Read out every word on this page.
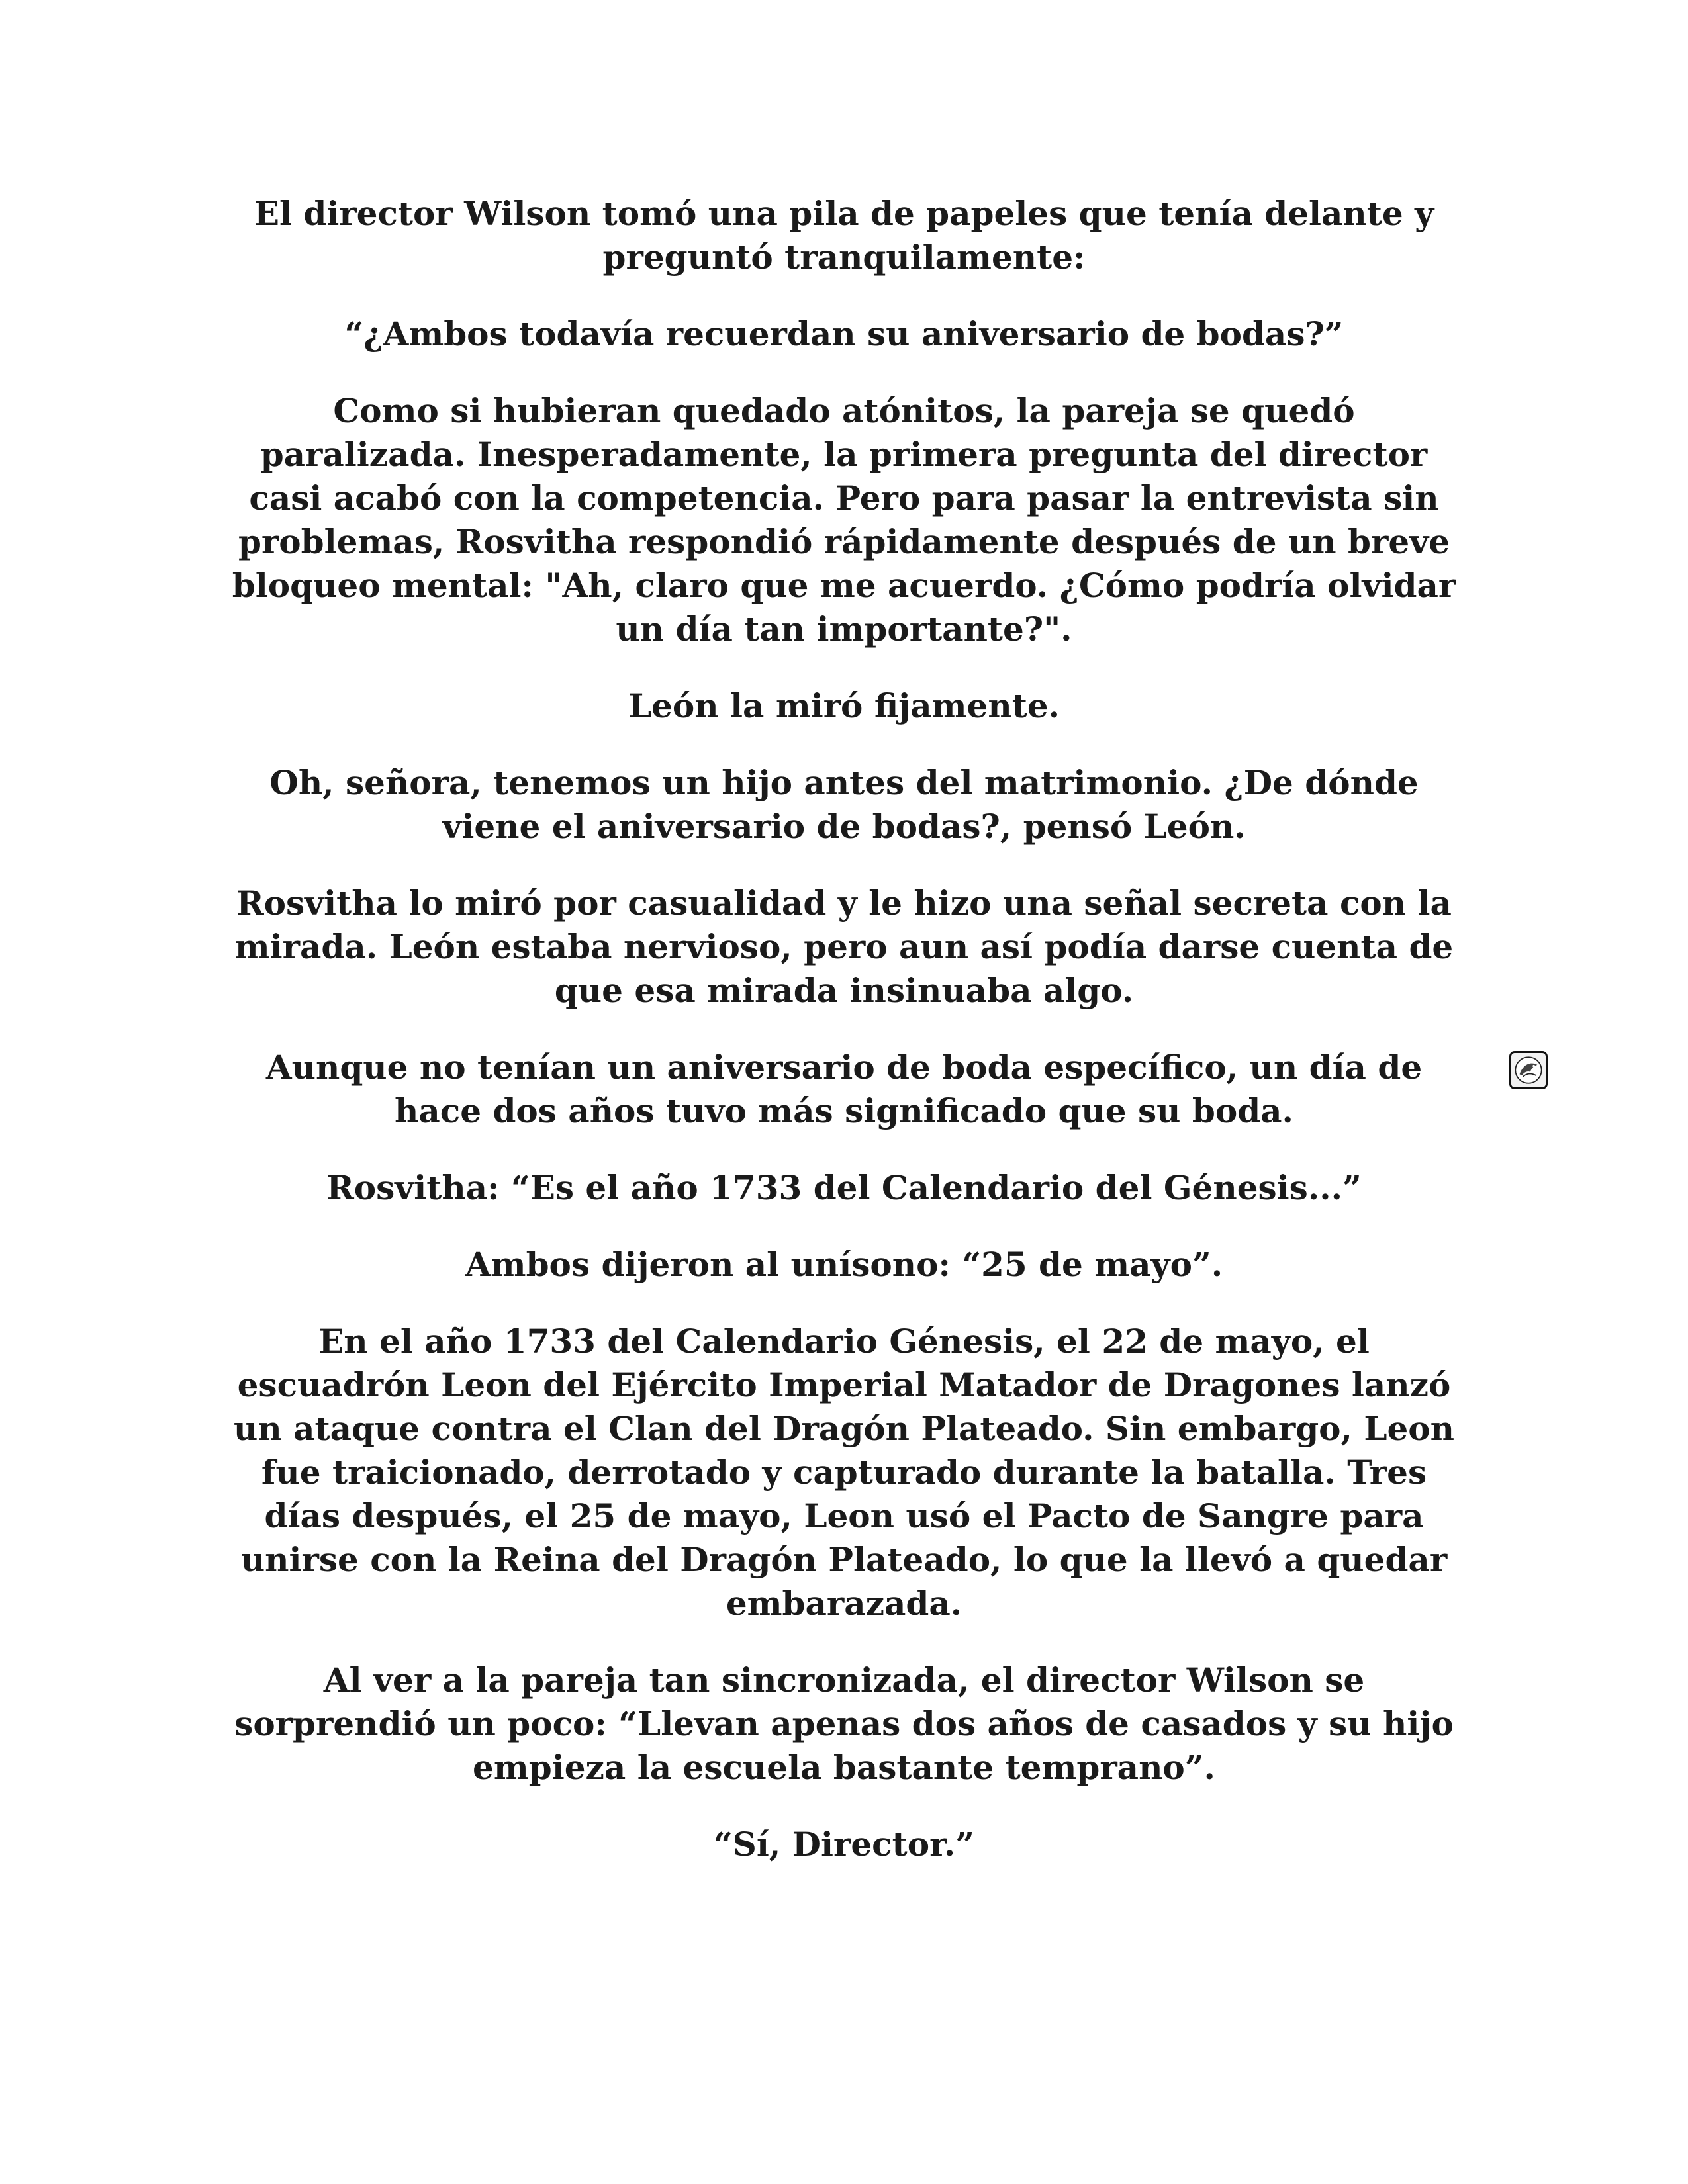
El director Wilson tomó una pila de papeles que tenía delante y preguntó tranquilamente:

“¿Ambos todavía recuerdan su aniversario de bodas?”

Como si hubieran quedado atónitos, la pareja se quedó paralizada. Inesperadamente, la primera pregunta del director casi acabó con la competencia. Pero para pasar la entrevista sin problemas, Rosvitha respondió rápidamente después de un breve bloqueo mental: "Ah, claro que me acuerdo. ¿Cómo podría olvidar un día tan importante?".

León la miró fijamente.

Oh, señora, tenemos un hijo antes del matrimonio. ¿De dónde viene el aniversario de bodas?, pensó León.

Rosvitha lo miró por casualidad y le hizo una señal secreta con la mirada. León estaba nervioso, pero aun así podía darse cuenta de que esa mirada insinuaba algo.

Aunque no tenían un aniversario de boda específico, un día de hace dos años tuvo más significado que su boda.

Rosvitha: “Es el año 1733 del Calendario del Génesis...”

Ambos dijeron al unísono: “25 de mayo”.

En el año 1733 del Calendario Génesis, el 22 de mayo, el escuadrón Leon del Ejército Imperial Matador de Dragones lanzó un ataque contra el Clan del Dragón Plateado. Sin embargo, Leon fue traicionado, derrotado y capturado durante la batalla. Tres días después, el 25 de mayo, Leon usó el Pacto de Sangre para unirse con la Reina del Dragón Plateado, lo que la llevó a quedar embarazada.

Al ver a la pareja tan sincronizada, el director Wilson se sorprendió un poco: “Llevan apenas dos años de casados y su hijo empieza la escuela bastante temprano”.

“Sí, Director.”
